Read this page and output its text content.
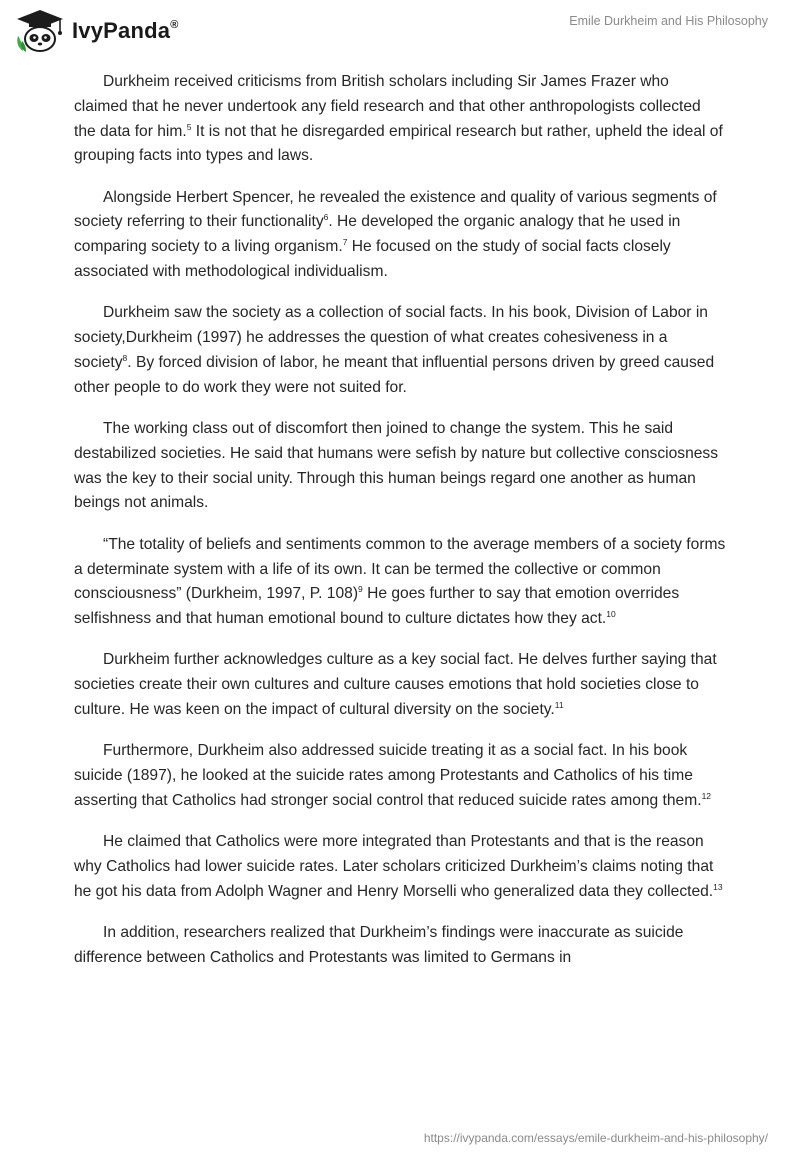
IvyPanda®	Emile Durkheim and His Philosophy

Durkheim received criticisms from British scholars including Sir James Frazer who claimed that he never undertook any field research and that other anthropologists collected the data for him.$^5$ It is not that he disregarded empirical research but rather, upheld the ideal of grouping facts into types and laws.

Alongside Herbert Spencer, he revealed the existence and quality of various segments of society referring to their functionality$^6$. He developed the organic analogy that he used in comparing society to a living organism.$^7$ He focused on the study of social facts closely associated with methodological individualism.

Durkheim saw the society as a collection of social facts. In his book, Division of Labor in society,Durkheim (1997) he addresses the question of what creates cohesiveness in a society$^8$. By forced division of labor, he meant that influential persons driven by greed caused other people to do work they were not suited for.

The working class out of discomfort then joined to change the system. This he said destabilized societies. He said that humans were sefish by nature but collective consciosness was the key to their social unity. Through this human beings regard one another as human beings not animals.

“The totality of beliefs and sentiments common to the average members of a society forms a determinate system with a life of its own. It can be termed the collective or common consciousness” (Durkheim, 1997, P. 108)$^9$ He goes further to say that emotion overrides selfishness and that human emotional bound to culture dictates how they act.$^{10}$

Durkheim further acknowledges culture as a key social fact. He delves further saying that societies create their own cultures and culture causes emotions that hold societies close to culture. He was keen on the impact of cultural diversity on the society.$^{11}$

Furthermore, Durkheim also addressed suicide treating it as a social fact. In his book suicide (1897), he looked at the suicide rates among Protestants and Catholics of his time asserting that Catholics had stronger social control that reduced suicide rates among them.$^{12}$

He claimed that Catholics were more integrated than Protestants and that is the reason why Catholics had lower suicide rates. Later scholars criticized Durkheim’s claims noting that he got his data from Adolph Wagner and Henry Morselli who generalized data they collected.$^{13}$

In addition, researchers realized that Durkheim’s findings were inaccurate as suicide difference between Catholics and Protestants was limited to Germans in

https://ivypanda.com/essays/emile-durkheim-and-his-philosophy/
